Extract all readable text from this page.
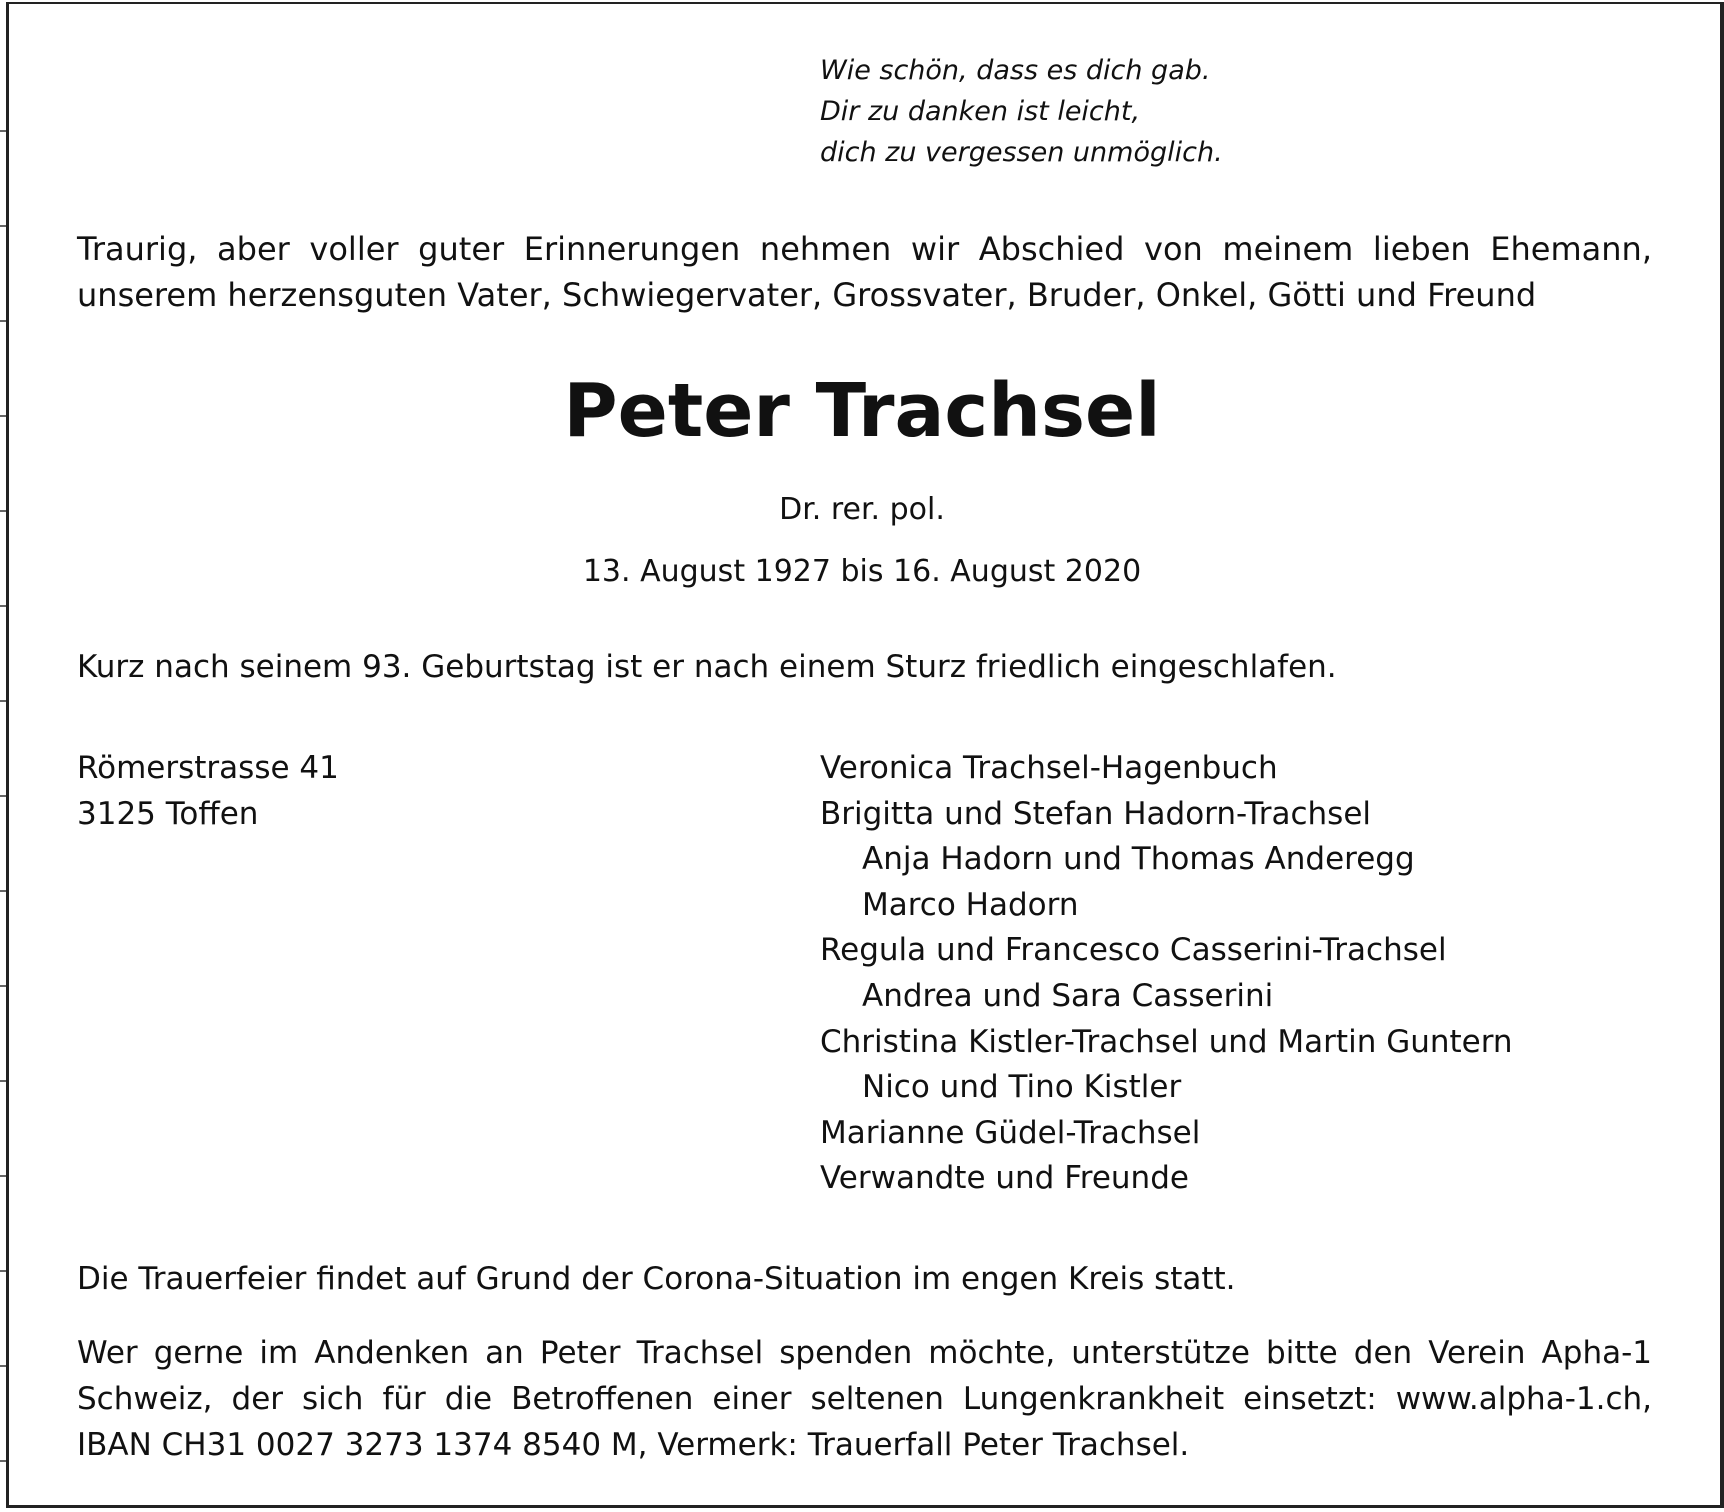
Wie schön, dass es dich gab.
Dir zu danken ist leicht,
dich zu vergessen unmöglich.

Traurig, aber voller guter Erinnerungen nehmen wir Abschied von meinem lieben Ehemann,
unserem herzensguten Vater, Schwiegervater, Grossvater, Bruder, Onkel, Götti und Freund

Peter Trachsel

Dr. rer. pol.

13. August 1927 bis 16. August 2020

Kurz nach seinem 93. Geburtstag ist er nach einem Sturz friedlich eingeschlafen.

Römerstrasse 41
3125 Toffen

Veronica Trachsel-Hagenbuch
Brigitta und Stefan Hadorn-Trachsel
Anja Hadorn und Thomas Anderegg
Marco Hadorn
Regula und Francesco Casserini-Trachsel
Andrea und Sara Casserini
Christina Kistler-Trachsel und Martin Guntern
Nico und Tino Kistler
Marianne Güdel-Trachsel
Verwandte und Freunde

Die Trauerfeier findet auf Grund der Corona-Situation im engen Kreis statt.

Wer gerne im Andenken an Peter Trachsel spenden möchte, unterstütze bitte den Verein Apha-1
Schweiz, der sich für die Betroffenen einer seltenen Lungenkrankheit einsetzt: www.alpha-1.ch,
IBAN CH31 0027 3273 1374 8540 M, Vermerk: Trauerfall Peter Trachsel.
